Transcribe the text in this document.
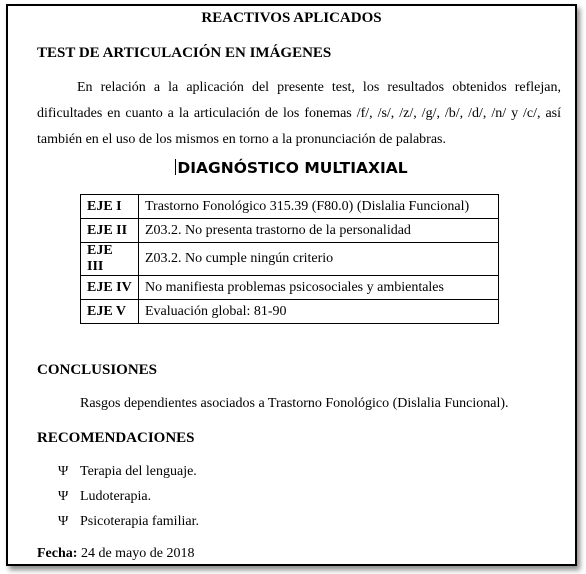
REACTIVOS APLICADOS
TEST DE ARTICULACIÓN EN IMÁGENES
En relación a la aplicación del presente test, los resultados obtenidos reflejan, dificultades en cuanto a la articulación de los fonemas /f/, /s/, /z/, /g/, /b/, /d/, /n/ y /c/, así también en el uso de los mismos en torno a la pronunciación de palabras.
DIAGNÓSTICO MULTIAXIAL
EJE I	Trastorno Fonológico 315.39 (F80.0) (Dislalia Funcional)
EJE II	Z03.2. No presenta trastorno de la personalidad
EJE III	Z03.2. No cumple ningún criterio
EJE IV	No manifiesta problemas psicosociales y ambientales
EJE V	Evaluación global: 81-90
CONCLUSIONES
Rasgos dependientes asociados a Trastorno Fonológico (Dislalia Funcional).
RECOMENDACIONES
Ψ Terapia del lenguaje.
Ψ Ludoterapia.
Ψ Psicoterapia familiar.
Fecha: 24 de mayo de 2018
